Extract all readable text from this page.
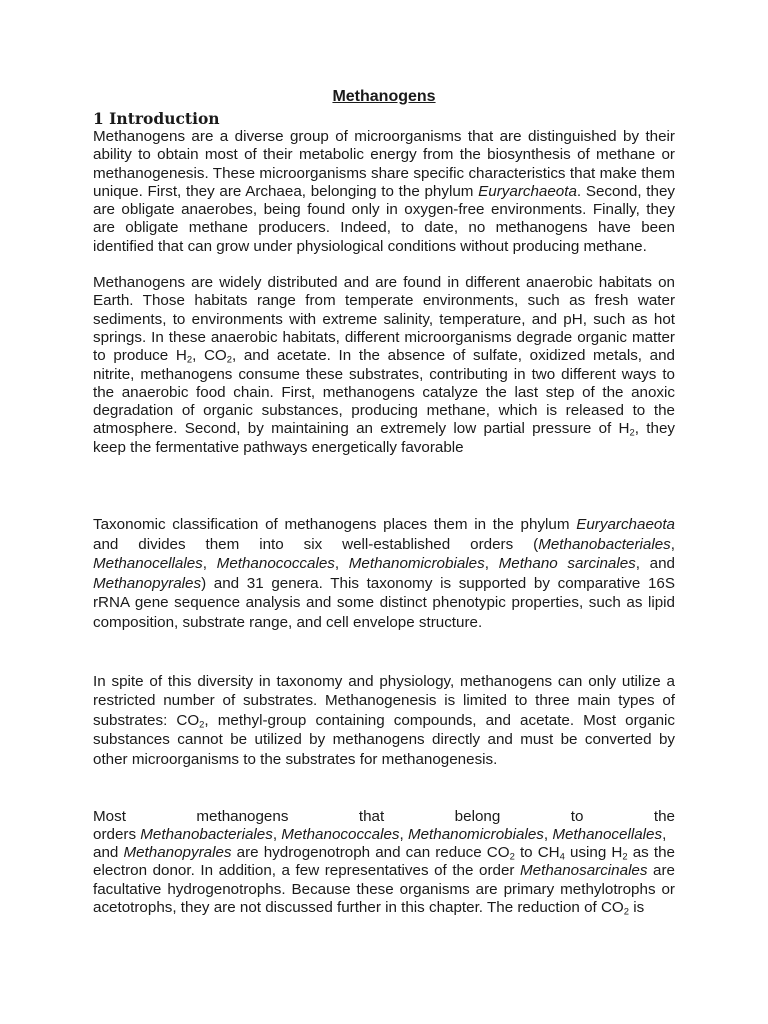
Methanogens
1 Introduction

Methanogens are a diverse group of microorganisms that are distinguished by their ability to obtain most of their metabolic energy from the biosynthesis of methane or methanogenesis. These microorganisms share specific characteristics that make them unique. First, they are Archaea, belonging to the phylum Euryarchaeota. Second, they are obligate anaerobes, being found only in oxygen-free environments. Finally, they are obligate methane producers. Indeed, to date, no methanogens have been identified that can grow under physiological conditions without producing methane.

Methanogens are widely distributed and are found in different anaerobic habitats on Earth. Those habitats range from temperate environments, such as fresh water sediments, to environments with extreme salinity, temperature, and pH, such as hot springs. In these anaerobic habitats, different microorganisms degrade organic matter to produce $H_2$, $CO_2$, and acetate. In the absence of sulfate, oxidized metals, and nitrite, methanogens consume these substrates, contributing in two different ways to the anaerobic food chain. First, methanogens catalyze the last step of the anoxic degradation of organic substances, producing methane, which is released to the atmosphere. Second, by maintaining an extremely low partial pressure of $H_2$, they keep the fermentative pathways energetically favorable

Taxonomic classification of methanogens places them in the phylum Euryarchaeota and divides them into six well-established orders (Methanobacteriales, Methanocellales, Methanococcales, Methanomicrobiales, Methano sarcinales, and Methanopyrales) and 31 genera. This taxonomy is supported by comparative 16S rRNA gene sequence analysis and some distinct phenotypic properties, such as lipid composition, substrate range, and cell envelope structure.

In spite of this diversity in taxonomy and physiology, methanogens can only utilize a restricted number of substrates. Methanogenesis is limited to three main types of substrates: $CO_2$, methyl-group containing compounds, and acetate. Most organic substances cannot be utilized by methanogens directly and must be converted by other microorganisms to the substrates for methanogenesis.

Most	methanogens	that	belong	to	the
orders Methanobacteriales, Methanococcales, Methanomicrobiales, Methanocellales,

and Methanopyrales are hydrogenotroph and can reduce $CO_2$ to $CH_4$ using $H_2$ as the electron donor. In addition, a few representatives of the order Methanosarcinales are facultative hydrogenotrophs. Because these organisms are primary methylotrophs or acetotrophs, they are not discussed further in this chapter. The reduction of $CO_2$ is
